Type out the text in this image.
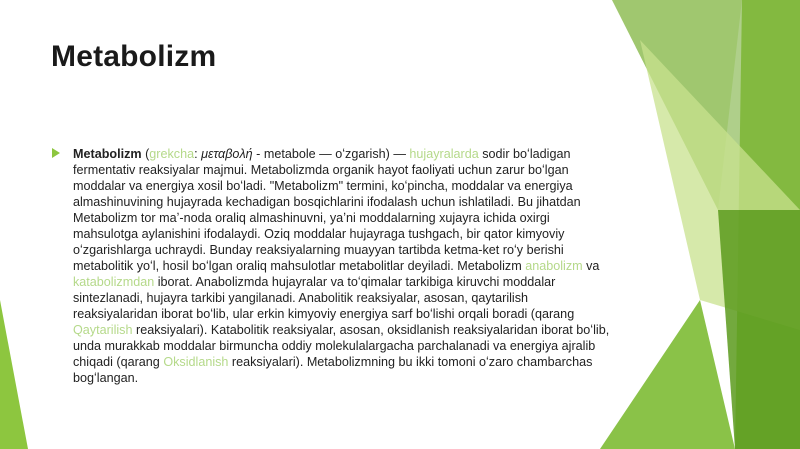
Metabolizm

Metabolizm (grekcha: μεταβολή - metabole — oʻzgarish) — hujayralarda sodir boʻladigan fermentativ reaksiyalar majmui. Metabolizmda organik hayot faoliyati uchun zarur boʻlgan moddalar va energiya xosil boʻladi. "Metabolizm" termini, koʻpincha, moddalar va energiya almashinuvining hujayrada kechadigan bosqichlarini ifodalash uchun ishlatiladi. Bu jihatdan Metabolizm tor maʼ-noda oraliq almashinuvni, yaʼni moddalarning xujayra ichida oxirgi mahsulotga aylanishini ifodalaydi. Oziq moddalar hujayraga tushgach, bir qator kimyoviy oʻzgarishlarga uchraydi. Bunday reaksiyalarning muayyan tartibda ketma-ket roʻy berishi metabolitik yoʻl, hosil boʻlgan oraliq mahsulotlar metabolitlar deyiladi. Metabolizm anabolizm va katabolizmdan iborat. Anabolizmda hujayralar va toʻqimalar tarkibiga kiruvchi moddalar sintezlanadi, hujayra tarkibi yangilanadi. Anabolitik reaksiyalar, asosan, qaytarilish reaksiyalaridan iborat boʻlib, ular erkin kimyoviy energiya sarf boʻlishi orqali boradi (qarang Qaytarilish reaksiyalari). Katabolitik reaksiyalar, asosan, oksidlanish reaksiyalaridan iborat boʻlib, unda murakkab moddalar birmuncha oddiy molekulalargacha parchalanadi va energiya ajralib chiqadi (qarang Oksidlanish reaksiyalari). Metabolizmning bu ikki tomoni oʻzaro chambarchas bogʻlangan.
